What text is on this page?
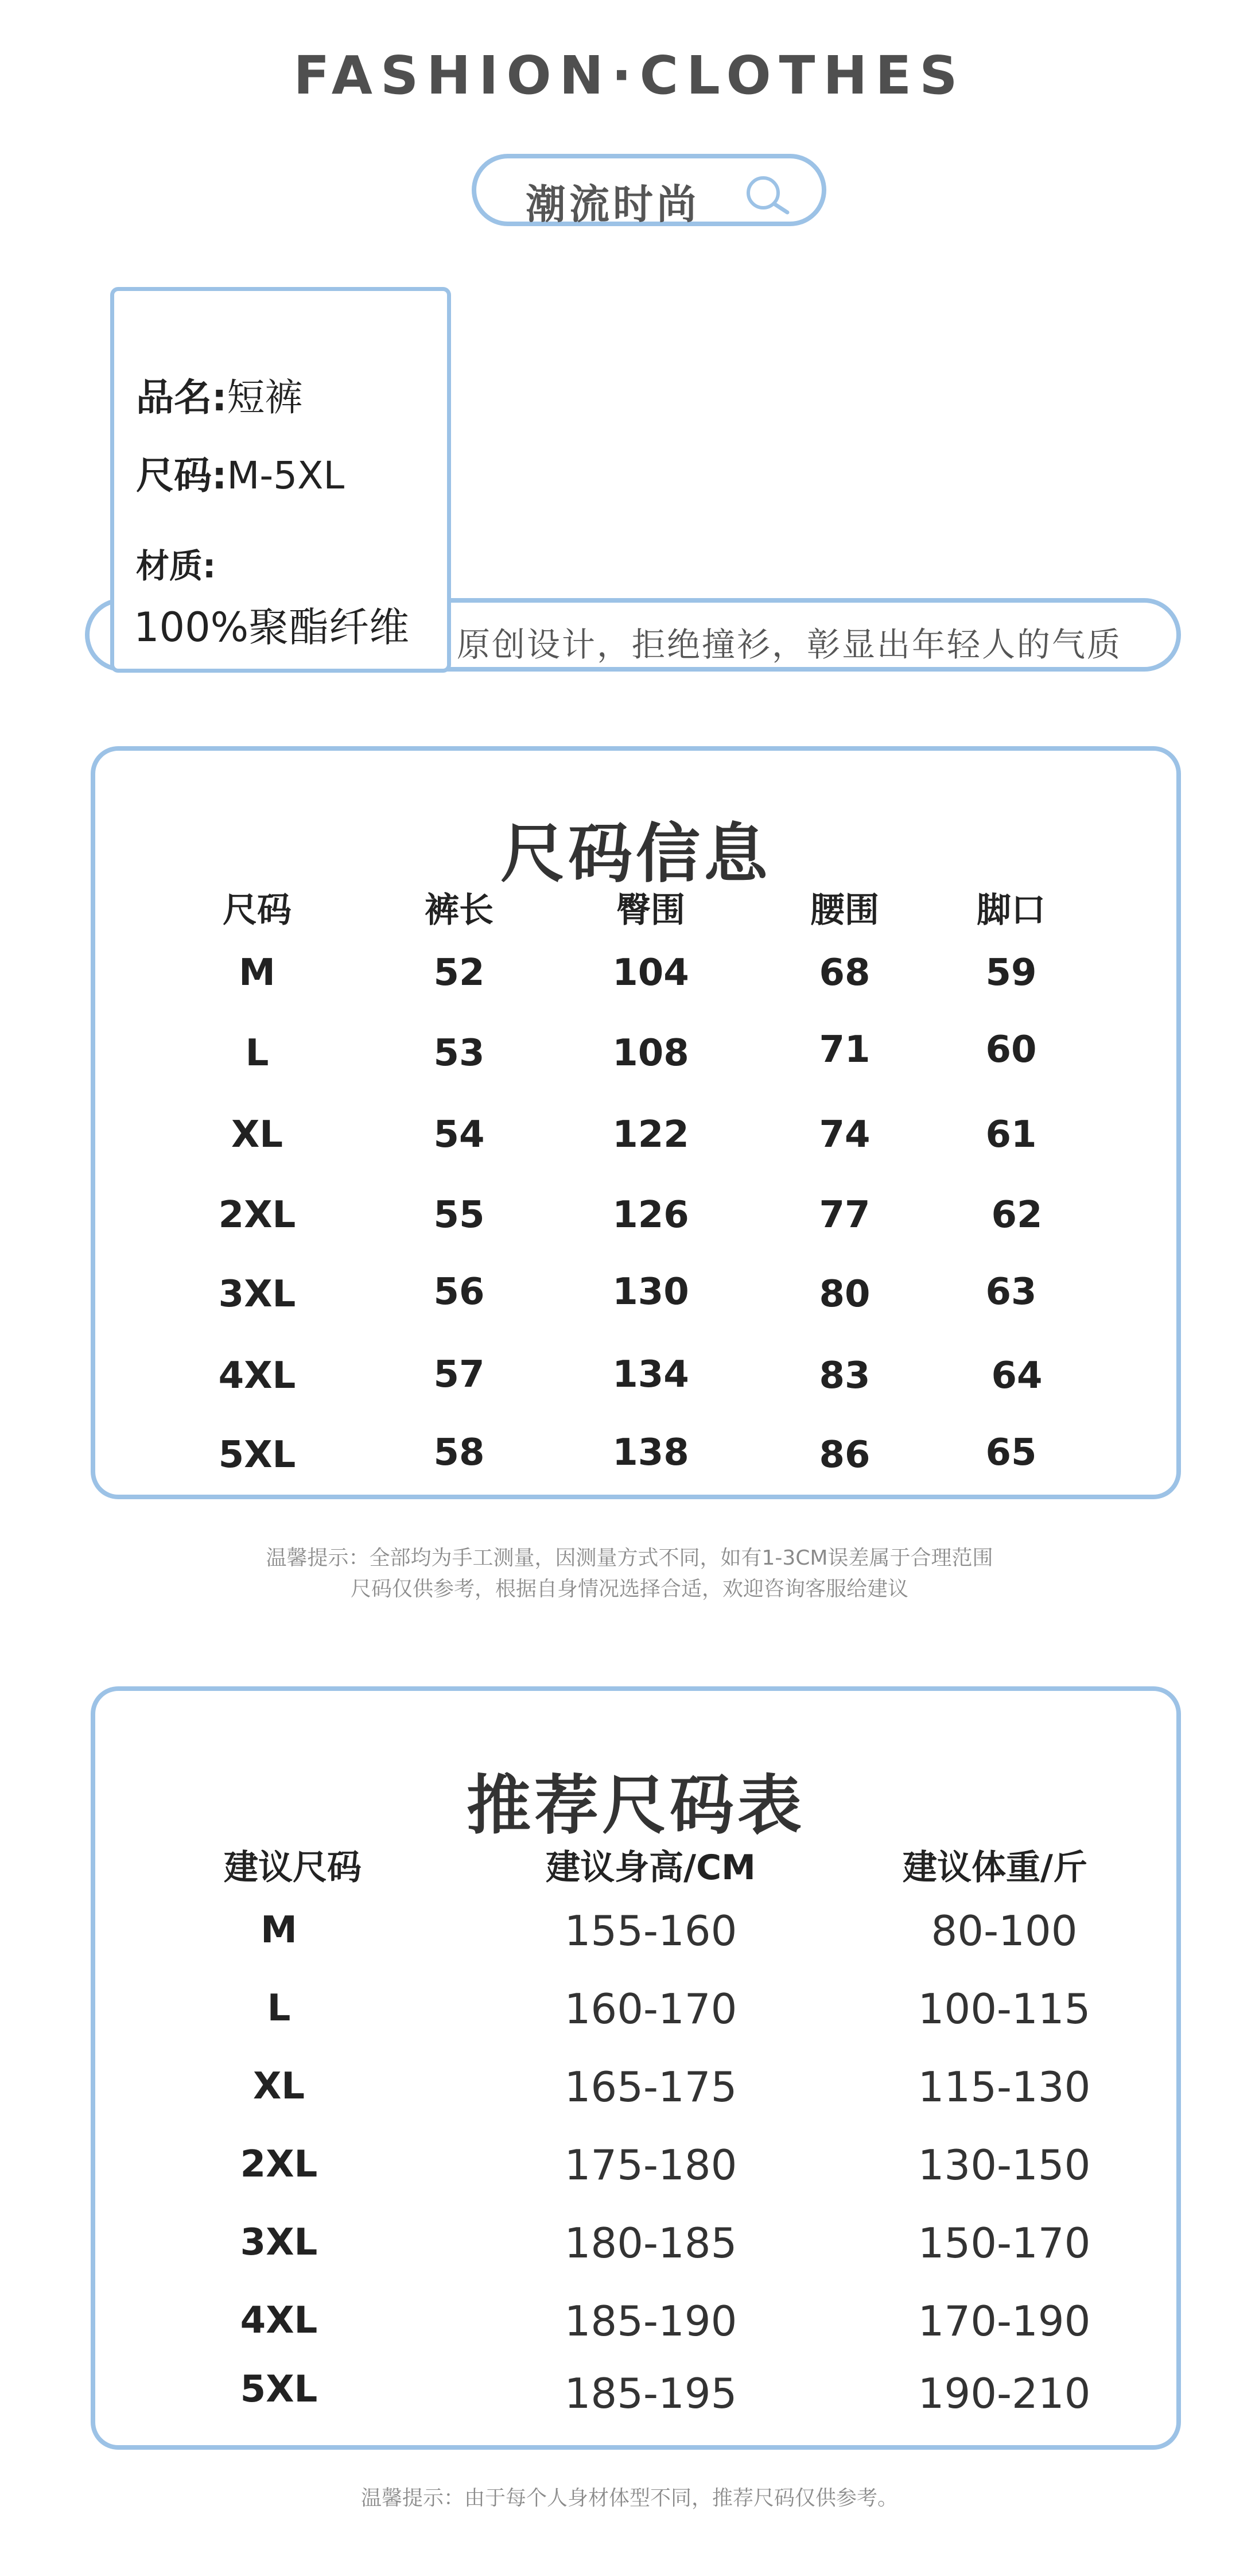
FASHION·CLOTHES
潮流时尚
原创设计，拒绝撞衫，彰显出年轻人的气质
品名:短裤
尺码:M-5XL
材质:
100%聚酯纤维
尺码信息
尺码	裤长	臀围	腰围	脚口
M	52	104	68	59
L	53	108	71	60
XL	54	122	74	61
2XL	55	126	77	62
3XL	56	130	80	63
4XL	57	134	83	64
5XL	58	138	86	65
温馨提示：全部均为手工测量，因测量方式不同，如有1-3CM误差属于合理范围
尺码仅供参考，根据自身情况选择合适，欢迎咨询客服给建议
推荐尺码表
建议尺码	建议身高/CM	建议体重/斤
M	155-160	80-100
L	160-170	100-115
XL	165-175	115-130
2XL	175-180	130-150
3XL	180-185	150-170
4XL	185-190	170-190
5XL	185-195	190-210
温馨提示：由于每个人身材体型不同，推荐尺码仅供参考。
